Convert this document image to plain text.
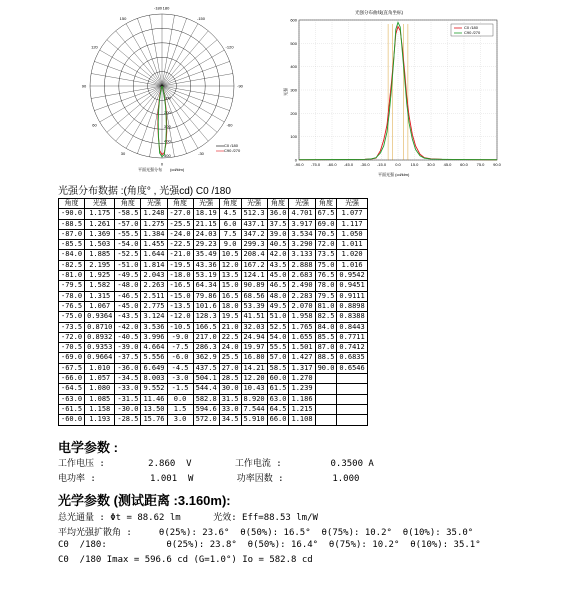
-180 180
-150
150
-120
120
-90
90
-60
60
-30
30
0
100
200
300
400
500
平面光强分布 (cd/klm)
C0 /180
C90 /270
光强分布曲线(直角坐标)
光强
平面光强 (cd/klm)
-90.0 -75.0 -60.0 -45.0 -30.0 -15.0 0.0 15.0 30.0 45.0 60.0 75.0 90.0
0
100
200
300
400
500
600
C0 /180
C90 /270
光强分布数据 :(角度° , 光强cd) C0 /180
角度	光强	角度	光强	角度	光强	角度	光强	角度	光强	角度	光强
-90.0	1.175	-58.5	1.248	-27.0	18.19	4.5	512.3	36.0	4.701	67.5	1.077
-88.5	1.261	-57.0	1.275	-25.5	21.15	6.0	437.1	37.5	3.917	69.0	1.117
-87.0	1.369	-55.5	1.384	-24.0	24.03	7.5	347.2	39.0	3.534	70.5	1.050
-85.5	1.503	-54.0	1.455	-22.5	29.23	9.0	299.3	40.5	3.290	72.0	1.011
-84.0	1.885	-52.5	1.644	-21.0	35.49	10.5	208.4	42.0	3.133	73.5	1.020
-82.5	2.195	-51.0	1.814	-19.5	43.36	12.0	167.2	43.5	2.888	75.0	1.016
-81.0	1.925	-49.5	2.043	-18.0	53.19	13.5	124.1	45.0	2.683	76.5	0.9542
-79.5	1.582	-48.0	2.263	-16.5	64.34	15.0	90.89	46.5	2.490	78.0	0.9451
-78.0	1.315	-46.5	2.511	-15.0	79.86	16.5	68.56	48.0	2.283	79.5	0.9111
-76.5	1.067	-45.0	2.775	-13.5	101.6	18.0	53.39	49.5	2.070	81.0	0.8898
-75.0	0.9364	-43.5	3.124	-12.0	128.3	19.5	41.51	51.0	1.958	82.5	0.8388
-73.5	0.8710	-42.0	3.536	-10.5	166.5	21.0	32.03	52.5	1.765	84.0	0.8443
-72.0	0.8932	-40.5	3.996	-9.0	217.0	22.5	24.94	54.0	1.655	85.5	0.7711
-70.5	0.9353	-39.0	4.664	-7.5	286.3	24.0	19.97	55.5	1.501	87.0	0.7412
-69.0	0.9664	-37.5	5.556	-6.0	362.9	25.5	16.80	57.0	1.427	88.5	0.6835
-67.5	1.010	-36.0	6.649	-4.5	437.5	27.0	14.21	58.5	1.317	90.0	0.6546
-66.0	1.057	-34.5	8.003	-3.0	504.1	28.5	12.20	60.0	1.270		
-64.5	1.080	-33.0	9.552	-1.5	544.4	30.0	10.43	61.5	1.239		
-63.0	1.085	-31.5	11.46	0.0	582.8	31.5	8.920	63.0	1.186		
-61.5	1.158	-30.0	13.50	1.5	594.6	33.0	7.544	64.5	1.215		
-60.0	1.193	-28.5	15.76	3.0	572.0	34.5	5.910	66.0	1.108		
电学参数 :
工作电压 :        2.860  V        工作电流 :         0.3500 A
电功率 :          1.001  W        功率因数 :         1.000
光学参数 (测试距离 :3.160m):
总光通量 : Φt = 88.62 lm      光效: Eff=88.53 lm/W
平均光强扩散角 :     θ(25%): 23.6°  θ(50%): 16.5°  θ(75%): 10.2°  θ(10%): 35.0°
C0  /180:           θ(25%): 23.8°  θ(50%): 16.4°  θ(75%): 10.2°  θ(10%): 35.1°
C0  /180 Imax = 596.6 cd (G=1.0°) Io = 582.8 cd
